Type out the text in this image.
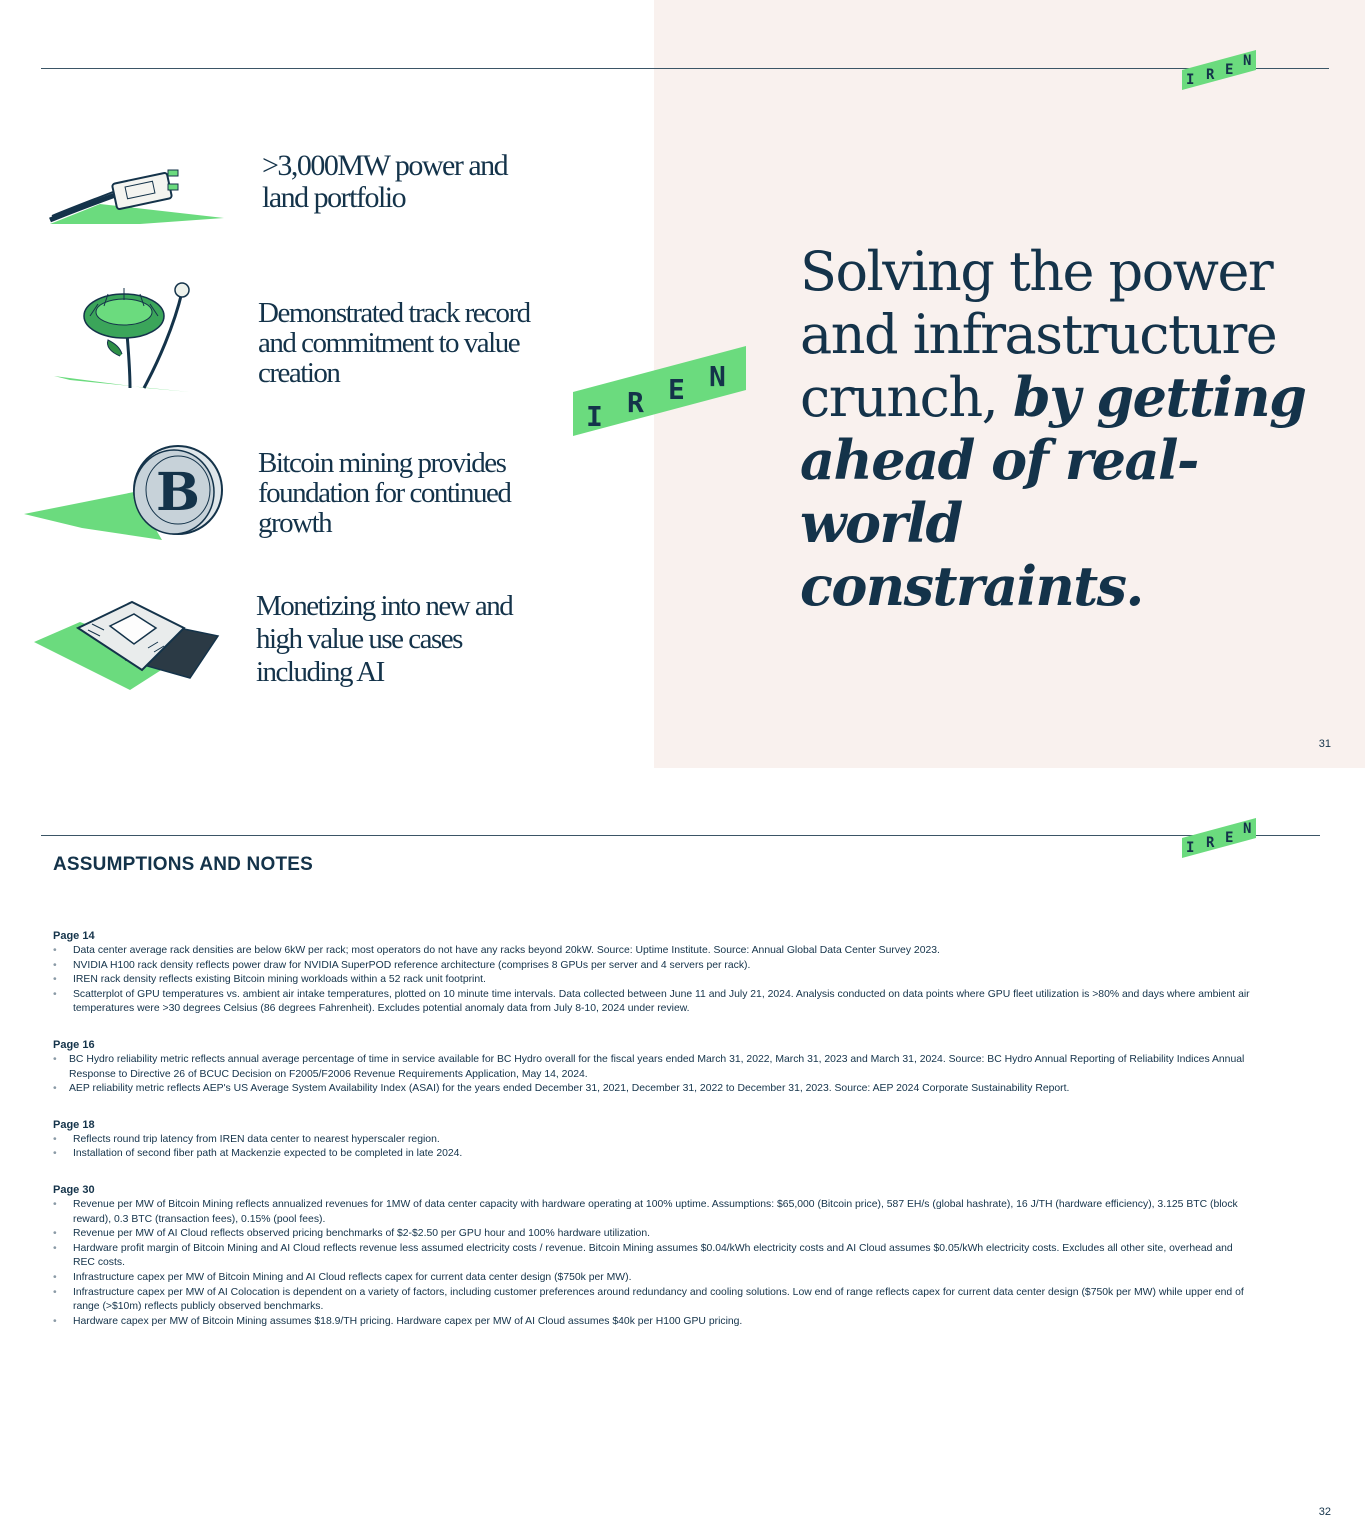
I R E
N
I R E N
>3,000MW power and
land portfolio
Demonstrated track record
and commitment to value
creation
B Bitcoin mining provides
foundation for continued
growth
Monetizing into new and
high value use cases
including AI
Solving the power
and infrastructure
crunch, by getting
ahead of real-world
constraints.
31
I R E
N
ASSUMPTIONS AND NOTES
Page 14
• Data center average rack densities are below 6kW per rack; most operators do not have any racks beyond 20kW. Source: Uptime Institute. Source: Annual Global Data Center Survey 2023.
• NVIDIA H100 rack density reflects power draw for NVIDIA SuperPOD reference architecture (comprises 8 GPUs per server and 4 servers per rack).
• IREN rack density reflects existing Bitcoin mining workloads within a 52 rack unit footprint.
• Scatterplot of GPU temperatures vs. ambient air intake temperatures, plotted on 10 minute time intervals. Data collected between June 11 and July 21, 2024. Analysis conducted on data points where GPU fleet utilization is >80% and days where ambient air temperatures were >30 degrees Celsius (86 degrees Fahrenheit). Excludes potential anomaly data from July 8-10, 2024 under review.
Page 16
• BC Hydro reliability metric reflects annual average percentage of time in service available for BC Hydro overall for the fiscal years ended March 31, 2022, March 31, 2023 and March 31, 2024. Source: BC Hydro Annual Reporting of Reliability Indices Annual Response to Directive 26 of BCUC Decision on F2005/F2006 Revenue Requirements Application, May 14, 2024.
• AEP reliability metric reflects AEP's US Average System Availability Index (ASAI) for the years ended December 31, 2021, December 31, 2022 to December 31, 2023. Source: AEP 2024 Corporate Sustainability Report.
Page 18
• Reflects round trip latency from IREN data center to nearest hyperscaler region.
• Installation of second fiber path at Mackenzie expected to be completed in late 2024.
Page 30
• Revenue per MW of Bitcoin Mining reflects annualized revenues for 1MW of data center capacity with hardware operating at 100% uptime. Assumptions: $65,000 (Bitcoin price), 587 EH/s (global hashrate), 16 J/TH (hardware efficiency), 3.125 BTC (block reward), 0.3 BTC (transaction fees), 0.15% (pool fees).
• Revenue per MW of AI Cloud reflects observed pricing benchmarks of $2-$2.50 per GPU hour and 100% hardware utilization.
• Hardware profit margin of Bitcoin Mining and AI Cloud reflects revenue less assumed electricity costs / revenue. Bitcoin Mining assumes $0.04/kWh electricity costs and AI Cloud assumes $0.05/kWh electricity costs. Excludes all other site, overhead and REC costs.
• Infrastructure capex per MW of Bitcoin Mining and AI Cloud reflects capex for current data center design ($750k per MW).
• Infrastructure capex per MW of AI Colocation is dependent on a variety of factors, including customer preferences around redundancy and cooling solutions. Low end of range reflects capex for current data center design ($750k per MW) while upper end of range (>$10m) reflects publicly observed benchmarks.
• Hardware capex per MW of Bitcoin Mining assumes $18.9/TH pricing. Hardware capex per MW of AI Cloud assumes $40k per H100 GPU pricing.
32
